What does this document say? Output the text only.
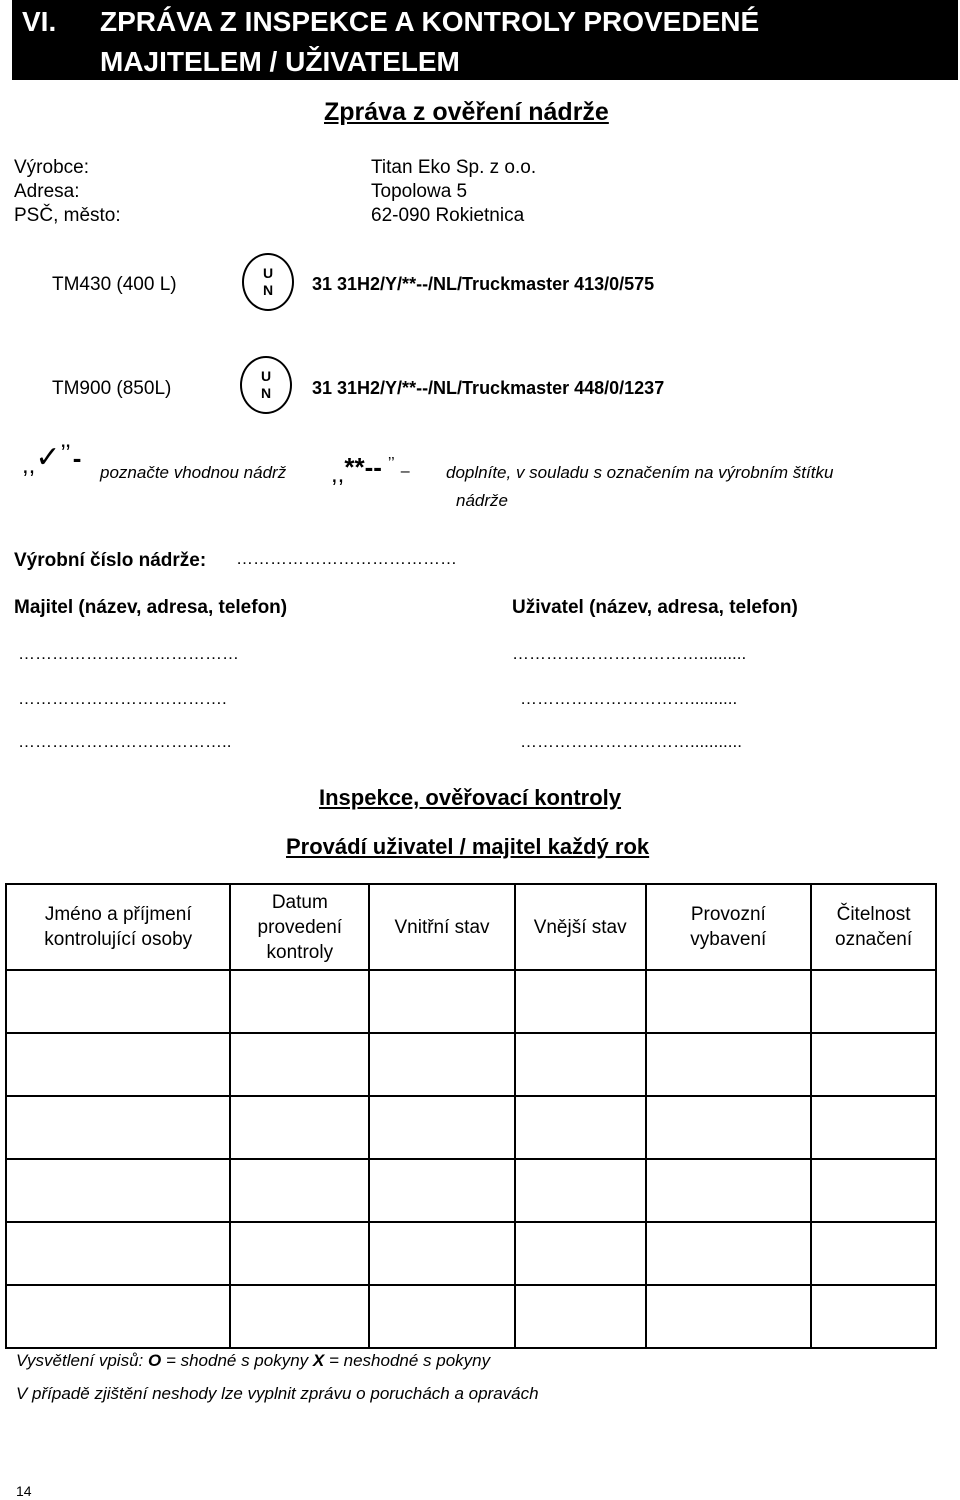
VI. ZPRÁVA Z INSPEKCE A KONTROLY PROVEDENÉ
MAJITELEM / UŽIVATELEM
Zpráva z ověření nádrže
Výrobce:	Titan Eko Sp. z o.o.
Adresa:	Topolowa 5
PSČ, město:	62-090 Rokietnica
TM430 (400 L)
U
N	31 31H2/Y/**--/NL/Truckmaster 413/0/575
TM900 (850L)
U
N	31 31H2/Y/**--/NL/Truckmaster 448/0/1237
,,✓’’- poznačte vhodnou nádrž ,,**-- ’’ – doplníte, v souladu s označením na výrobním štítku
nádrže
Výrobní číslo nádrže: …………………………………
Majitel (název, adresa, telefon)	Uživatel (název, adresa, telefon)
…………………………………
……………………………….
………………………………..
……………………………..........
…………………………..........
…………………………...........
Inspekce, ověřovací kontroly
Provádí uživatel / majitel každý rok
Jméno a příjmení kontrolující osoby	Datum provedení kontroly	Vnitřní stav	Vnější stav	Provozní vybavení	Čitelnost označení

Vysvětlení vpisů: O = shodné s pokyny X = neshodné s pokyny
V případě zjištění neshody lze vyplnit zprávu o poruchách a opravách
14
